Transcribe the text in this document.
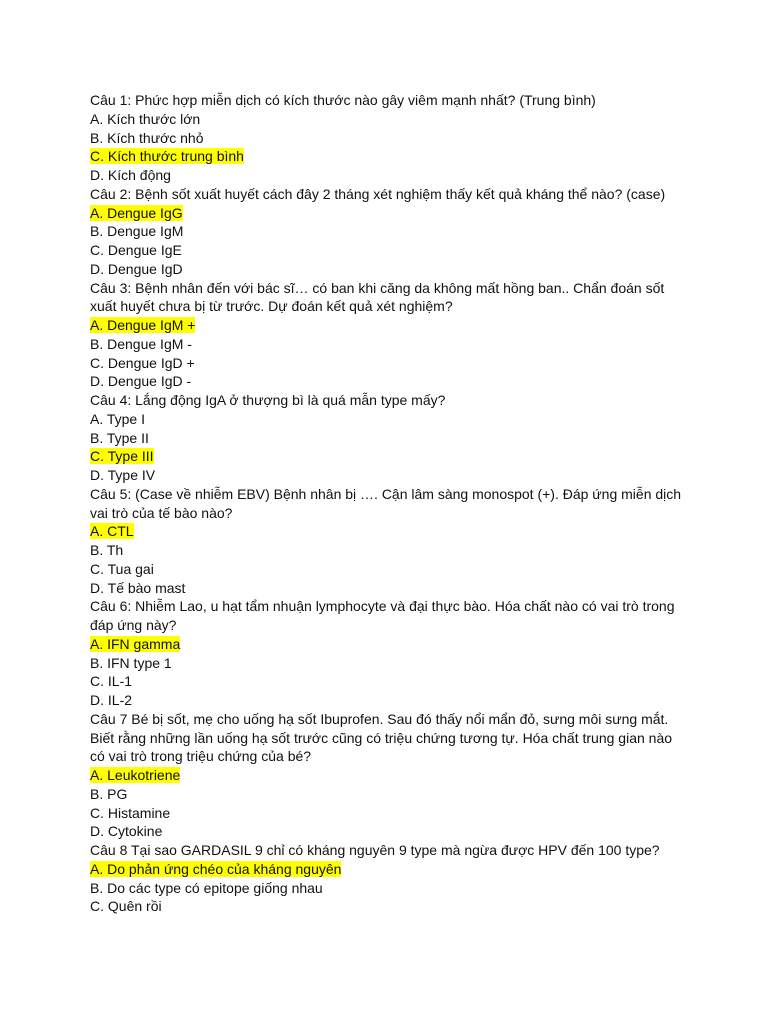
Câu 1: Phức hợp miễn dịch có kích thước nào gây viêm mạnh nhất? (Trung bình)
A. Kích thước lớn
B. Kích thước nhỏ
C. Kích thước trung bình
D. Kích động
Câu 2: Bệnh sốt xuất huyết cách đây 2 tháng xét nghiệm thấy kết quả kháng thể nào? (case)
A. Dengue IgG
B. Dengue IgM
C. Dengue IgE
D. Dengue IgD
Câu 3: Bệnh nhân đến với bác sĩ… có ban khi căng da không mất hồng ban.. Chẩn đoán sốt xuất huyết chưa bị từ trước. Dự đoán kết quả xét nghiệm?
A. Dengue IgM +
B. Dengue IgM -
C. Dengue IgD +
D. Dengue IgD -
Câu 4: Lắng động IgA ở thượng bì là quá mẫn type mấy?
A. Type I
B. Type II
C. Type III
D. Type IV
Câu 5: (Case về nhiễm EBV) Bệnh nhân bị …. Cận lâm sàng monospot (+). Đáp ứng miễn dịch vai trò của tế bào nào?
A. CTL
B. Th
C. Tua gai
D. Tế bào mast
Câu 6: Nhiễm Lao, u hạt tẩm nhuận lymphocyte và đại thực bào. Hóa chất nào có vai trò trong đáp ứng này?
A. IFN gamma
B. IFN type 1
C. IL-1
D. IL-2
Câu 7 Bé bị sốt, mẹ cho uống hạ sốt Ibuprofen. Sau đó thấy nổi mẩn đỏ, sưng môi sưng mắt. Biết rằng những lần uống hạ sốt trước cũng có triệu chứng tương tự. Hóa chất trung gian nào có vai trò trong triệu chứng của bé?
A. Leukotriene
B. PG
C. Histamine
D. Cytokine
Câu 8 Tại sao GARDASIL 9 chỉ có kháng nguyên 9 type mà ngừa được HPV đến 100 type?
A. Do phản ứng chéo của kháng nguyên
B. Do các type có epitope giống nhau
C. Quên rồi
